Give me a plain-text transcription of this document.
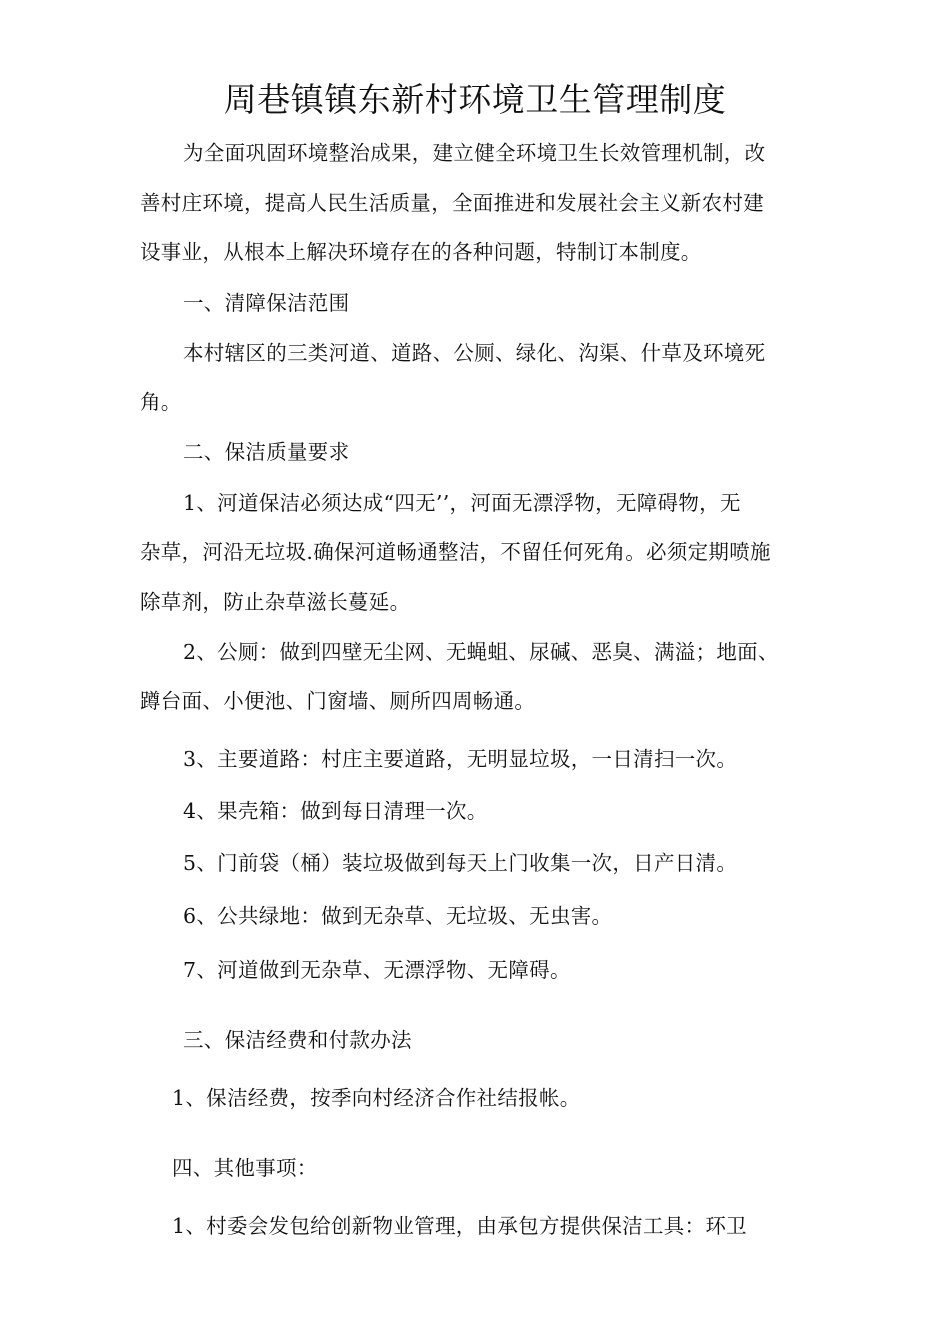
周巷镇镇东新村环境卫生管理制度
为全面巩固环境整治成果，建立健全环境卫生长效管理机制，改
善村庄环境，提高人民生活质量，全面推进和发展社会主义新农村建
设事业，从根本上解决环境存在的各种问题，特制订本制度。
一、清障保洁范围
本村辖区的三类河道、道路、公厕、绿化、沟渠、什草及环境死
角。
二、保洁质量要求
1、河道保洁必须达成“四无’’，河面无漂浮物，无障碍物，无
杂草，河沿无垃圾.确保河道畅通整洁，不留任何死角。必须定期喷施
除草剂，防止杂草滋长蔓延。
2、公厕：做到四壁无尘网、无蝇蛆、尿碱、恶臭、满溢；地面、
蹲台面、小便池、门窗墙、厕所四周畅通。
3、主要道路：村庄主要道路，无明显垃圾，一日清扫一次。
4、果壳箱：做到每日清理一次。
5、门前袋（桶）装垃圾做到每天上门收集一次，日产日清。
6、公共绿地：做到无杂草、无垃圾、无虫害。
7、河道做到无杂草、无漂浮物、无障碍。
三、保洁经费和付款办法
1、保洁经费，按季向村经济合作社结报帐。
四、其他事项：
1、村委会发包给创新物业管理，由承包方提供保洁工具：环卫
